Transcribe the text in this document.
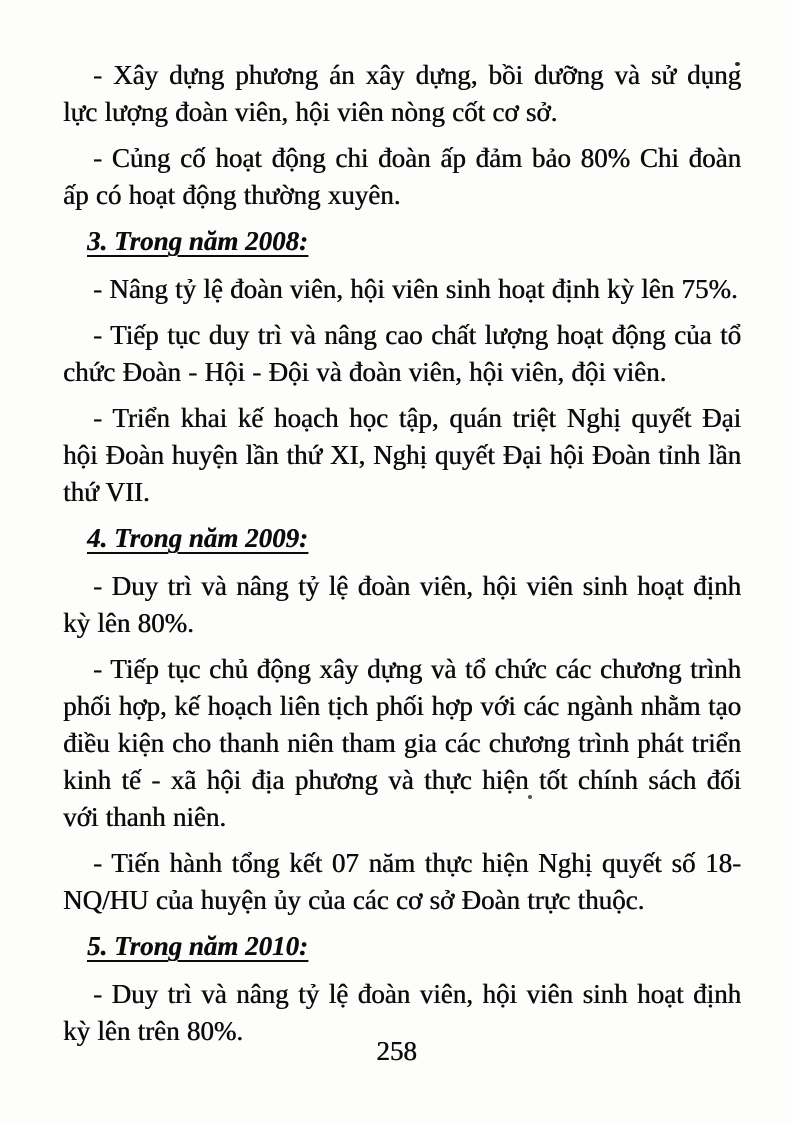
- Xây dựng phương án xây dựng, bồi dưỡng và sử dụng lực lượng đoàn viên, hội viên nòng cốt cơ sở.

- Củng cố hoạt động chi đoàn ấp đảm bảo 80% Chi đoàn ấp có hoạt động thường xuyên.

3. Trong năm 2008:

- Nâng tỷ lệ đoàn viên, hội viên sinh hoạt định kỳ lên 75%.

- Tiếp tục duy trì và nâng cao chất lượng hoạt động của tổ chức Đoàn - Hội - Đội và đoàn viên, hội viên, đội viên.

- Triển khai kế hoạch học tập, quán triệt Nghị quyết Đại hội Đoàn huyện lần thứ XI, Nghị quyết Đại hội Đoàn tỉnh lần thứ VII.

4. Trong năm 2009:

- Duy trì và nâng tỷ lệ đoàn viên, hội viên sinh hoạt định kỳ lên 80%.

- Tiếp tục chủ động xây dựng và tổ chức các chương trình phối hợp, kế hoạch liên tịch phối hợp với các ngành nhằm tạo điều kiện cho thanh niên tham gia các chương trình phát triển kinh tế - xã hội địa phương và thực hiện tốt chính sách đối với thanh niên.

- Tiến hành tổng kết 07 năm thực hiện Nghị quyết số 18-NQ/HU của huyện ủy của các cơ sở Đoàn trực thuộc.

5. Trong năm 2010:

- Duy trì và nâng tỷ lệ đoàn viên, hội viên sinh hoạt định kỳ lên trên 80%.

258
